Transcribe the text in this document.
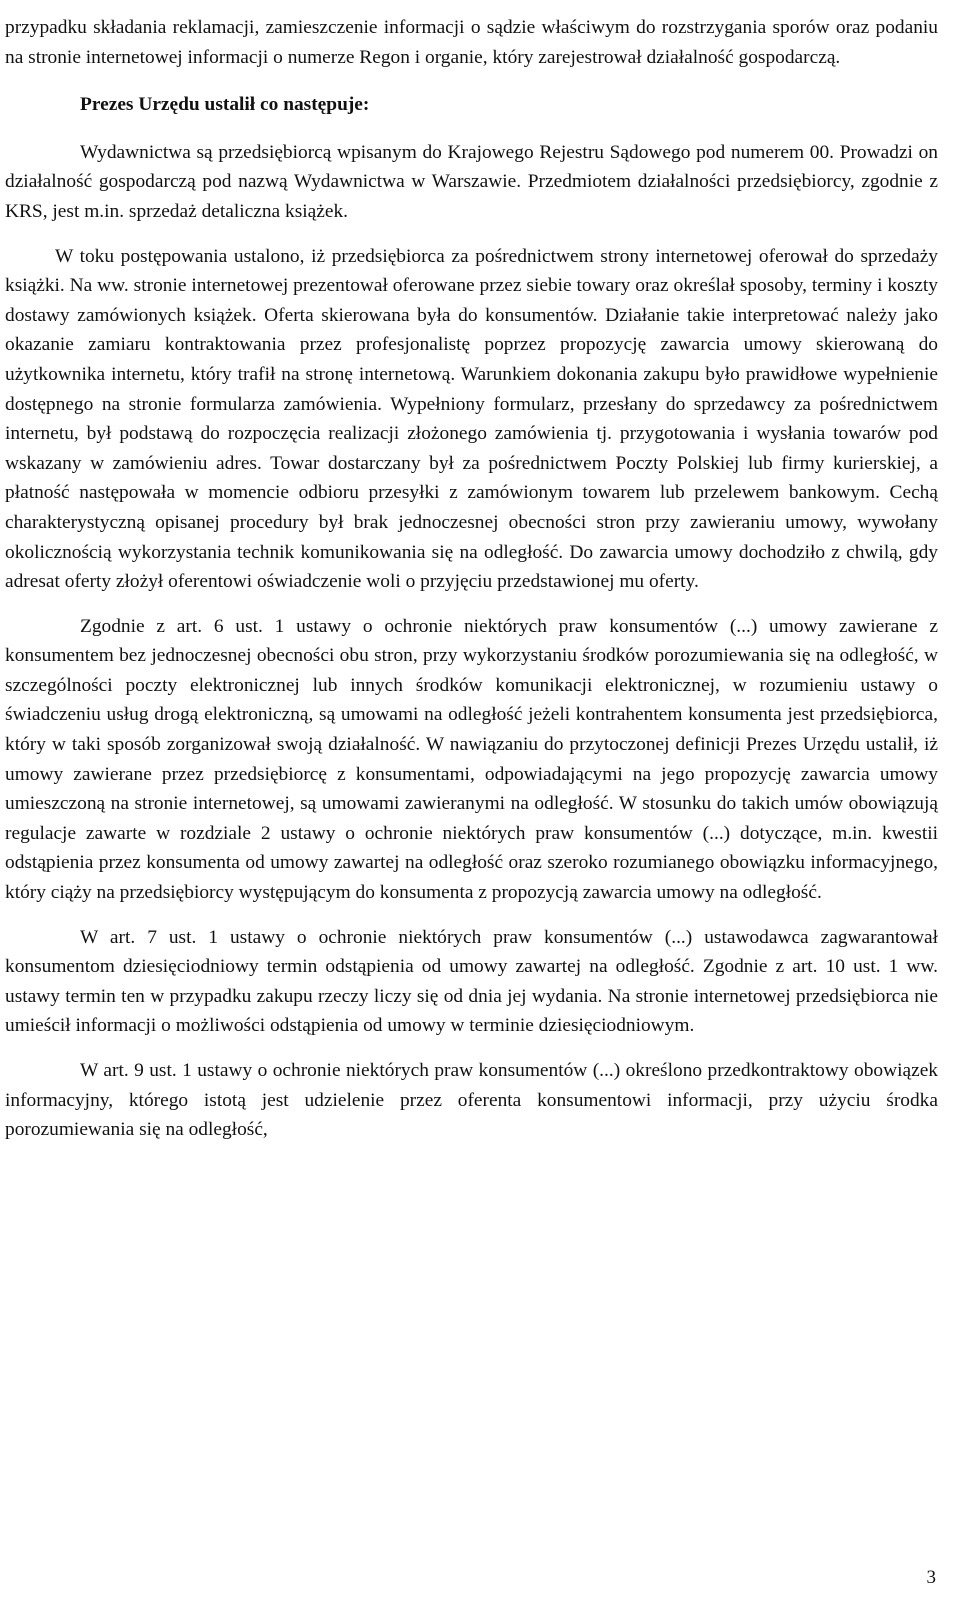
przypadku składania reklamacji, zamieszczenie informacji o sądzie właściwym do rozstrzygania sporów oraz podaniu na stronie internetowej informacji o numerze Regon i organie, który zarejestrował działalność gospodarczą.

Prezes Urzędu ustalił co następuje:

Wydawnictwa są przedsiębiorcą wpisanym do Krajowego Rejestru Sądowego pod numerem 00. Prowadzi on działalność gospodarczą pod nazwą Wydawnictwa w Warszawie. Przedmiotem działalności przedsiębiorcy, zgodnie z KRS, jest m.in. sprzedaż detaliczna książek.

W toku postępowania ustalono, iż przedsiębiorca za pośrednictwem strony internetowej oferował do sprzedaży książki. Na ww. stronie internetowej prezentował oferowane przez siebie towary oraz określał sposoby, terminy i koszty dostawy zamówionych książek. Oferta skierowana była do konsumentów. Działanie takie interpretować należy jako okazanie zamiaru kontraktowania przez profesjonalistę poprzez propozycję zawarcia umowy skierowaną do użytkownika internetu, który trafił na stronę internetową. Warunkiem dokonania zakupu było prawidłowe wypełnienie dostępnego na stronie formularza zamówienia. Wypełniony formularz, przesłany do sprzedawcy za pośrednictwem internetu, był podstawą do rozpoczęcia realizacji złożonego zamówienia tj. przygotowania i wysłania towarów pod wskazany w zamówieniu adres. Towar dostarczany był za pośrednictwem Poczty Polskiej lub firmy kurierskiej, a płatność następowała w momencie odbioru przesyłki z zamówionym towarem lub przelewem bankowym. Cechą charakterystyczną opisanej procedury był brak jednoczesnej obecności stron przy zawieraniu umowy, wywołany okolicznością wykorzystania technik komunikowania się na odległość. Do zawarcia umowy dochodziło z chwilą, gdy adresat oferty złożył oferentowi oświadczenie woli o przyjęciu przedstawionej mu oferty.

Zgodnie z art. 6 ust. 1 ustawy o ochronie niektórych praw konsumentów (...) umowy zawierane z konsumentem bez jednoczesnej obecności obu stron, przy wykorzystaniu środków porozumiewania się na odległość, w szczególności poczty elektronicznej lub innych środków komunikacji elektronicznej, w rozumieniu ustawy o świadczeniu usług drogą elektroniczną, są umowami na odległość jeżeli kontrahentem konsumenta jest przedsiębiorca, który w taki sposób zorganizował swoją działalność. W nawiązaniu do przytoczonej definicji Prezes Urzędu ustalił, iż umowy zawierane przez przedsiębiorcę z konsumentami, odpowiadającymi na jego propozycję zawarcia umowy umieszczoną na stronie internetowej, są umowami zawieranymi na odległość. W stosunku do takich umów obowiązują regulacje zawarte w rozdziale 2 ustawy o ochronie niektórych praw konsumentów (...) dotyczące, m.in. kwestii odstąpienia przez konsumenta od umowy zawartej na odległość oraz szeroko rozumianego obowiązku informacyjnego, który ciąży na przedsiębiorcy występującym do konsumenta z propozycją zawarcia umowy na odległość.

W art. 7 ust. 1 ustawy o ochronie niektórych praw konsumentów (...) ustawodawca zagwarantował konsumentom dziesięciodniowy termin odstąpienia od umowy zawartej na odległość. Zgodnie z art. 10 ust. 1 ww. ustawy termin ten w przypadku zakupu rzeczy liczy się od dnia jej wydania. Na stronie internetowej przedsiębiorca nie umieścił informacji o możliwości odstąpienia od umowy w terminie dziesięciodniowym.

W art. 9 ust. 1 ustawy o ochronie niektórych praw konsumentów (...) określono przedkontraktowy obowiązek informacyjny, którego istotą jest udzielenie przez oferenta konsumentowi informacji, przy użyciu środka porozumiewania się na odległość,

3
